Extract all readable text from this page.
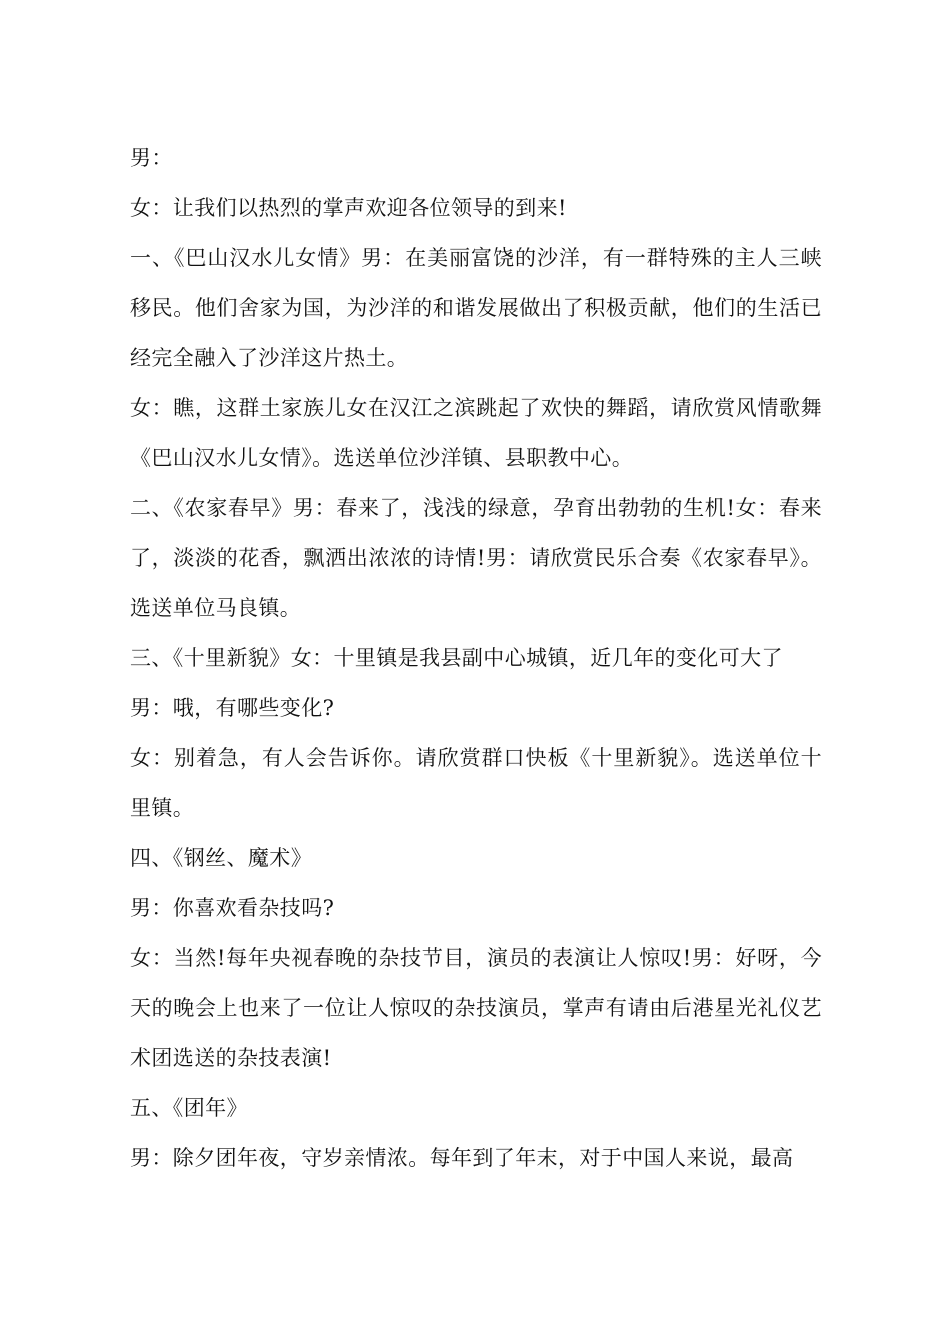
男：

女：让我们以热烈的掌声欢迎各位领导的到来!

一、《巴山汉水儿女情》男：在美丽富饶的沙洋，有一群特殊的主人三峡移民。他们舍家为国，为沙洋的和谐发展做出了积极贡献，他们的生活已经完全融入了沙洋这片热土。

女：瞧，这群土家族儿女在汉江之滨跳起了欢快的舞蹈，请欣赏风情歌舞《巴山汉水儿女情》。选送单位沙洋镇、县职教中心。

二、《农家春早》男：春来了，浅浅的绿意，孕育出勃勃的生机!女：春来了，淡淡的花香，飘洒出浓浓的诗情!男：请欣赏民乐合奏《农家春早》。选送单位马良镇。

三、《十里新貌》女：十里镇是我县副中心城镇，近几年的变化可大了

男：哦，有哪些变化?

女：别着急，有人会告诉你。请欣赏群口快板《十里新貌》。选送单位十里镇。

四、《钢丝、魔术》

男：你喜欢看杂技吗?

女：当然!每年央视春晚的杂技节目，演员的表演让人惊叹!男：好呀，今天的晚会上也来了一位让人惊叹的杂技演员，掌声有请由后港星光礼仪艺术团选送的杂技表演!

五、《团年》

男：除夕团年夜，守岁亲情浓。每年到了年末，对于中国人来说，最高
